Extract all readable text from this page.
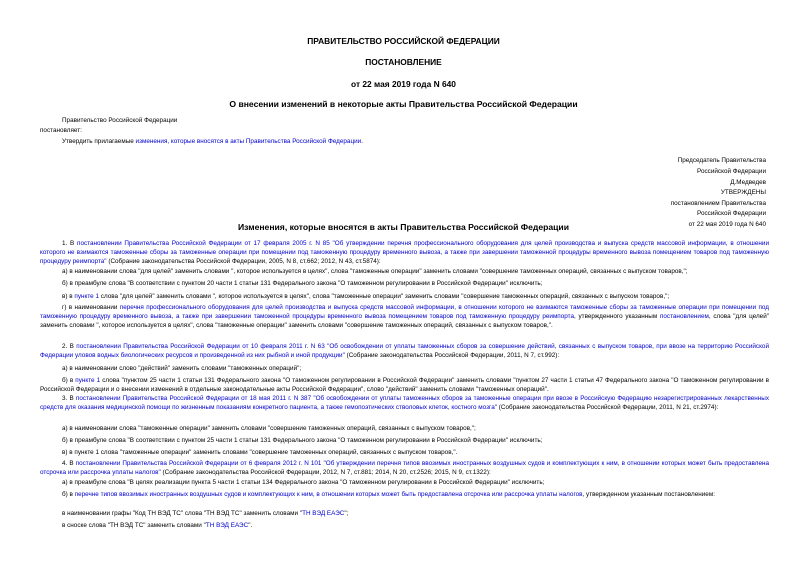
ПРАВИТЕЛЬСТВО РОССИЙСКОЙ ФЕДЕРАЦИИ
ПОСТАНОВЛЕНИЕ
от 22 мая 2019 года N 640
О внесении изменений в некоторые акты Правительства Российской Федерации
Правительство Российской Федерации
постановляет:
Утвердить прилагаемые изменения, которые вносятся в акты Правительства Российской Федерации.
Председатель Правительства
Российской Федерации
Д.Медведев
УТВЕРЖДЕНЫ
постановлением Правительства
Российской Федерации
от 22 мая 2019 года N 640
Изменения, которые вносятся в акты Правительства Российской Федерации
1. В постановлении Правительства Российской Федерации от 17 февраля 2005 г. N 85 "Об утверждении перечня профессионального оборудования для целей производства и выпуска средств массовой информации, в отношении которого не взимаются таможенные сборы за таможенные операции при помещении под таможенную процедуру временного вывоза, а также при завершении таможенной процедуры временного вывоза помещением товаров под таможенную процедуру реимпорта" (Собрание законодательства Российской Федерации, 2005, N 8, ст.662; 2012, N 43, ст.5874):
а) в наименовании слова "для целей" заменить словами ", которое используется в целях", слова "таможенные операции" заменить словами "совершение таможенных операций, связанных с выпуском товаров,";
б) в преамбуле слова "В соответствии с пунктом 20 части 1 статьи 131 Федерального закона "О таможенном регулировании в Российской Федерации" исключить;
в) в пункте 1 слова "для целей" заменить словами ", которое используется в целях", слова "таможенные операции" заменить словами "совершение таможенных операций, связанных с выпуском товаров,";
г) в наименовании перечня профессионального оборудования для целей производства и выпуска средств массовой информации, в отношении которого не взимаются таможенные сборы за таможенные операции при помещении под таможенную процедуру временного вывоза, а также при завершении таможенной процедуры временного вывоза помещением товаров под таможенную процедуру реимпорта, утвержденного указанным постановлением, слова "для целей" заменить словами ", которое используется в целях", слова "таможенные операции" заменить словами "совершение таможенных операций, связанных с выпуском товаров,".
2. В постановлении Правительства Российской Федерации от 10 февраля 2011 г. N 63 "Об освобождении от уплаты таможенных сборов за совершение действий, связанных с выпуском товаров, при ввозе на территорию Российской Федерации уловов водных биологических ресурсов и произведенной из них рыбной и иной продукции" (Собрание законодательства Российской Федерации, 2011, N 7, ст.992):
а) в наименовании слово "действий" заменить словами "таможенных операций";
б) в пункте 1 слова "пунктом 25 части 1 статьи 131 Федерального закона "О таможенном регулировании в Российской Федерации" заменить словами "пунктом 27 части 1 статьи 47 Федерального закона "О таможенном регулировании в Российской Федерации и о внесении изменений в отдельные законодательные акты Российской Федерации", слово "действий" заменить словами "таможенных операций".
3. В постановлении Правительства Российской Федерации от 18 мая 2011 г. N 387 "Об освобождении от уплаты таможенных сборов за таможенные операции при ввозе в Российскую Федерацию незарегистрированных лекарственных средств для оказания медицинской помощи по жизненным показаниям конкретного пациента, а также гемопоэтических стволовых клеток, костного мозга" (Собрание законодательства Российской Федерации, 2011, N 21, ст.2974):
а) в наименовании слова "таможенные операции" заменить словами "совершение таможенных операций, связанных с выпуском товаров,";
б) в преамбуле слова "В соответствии с пунктом 25 части 1 статьи 131 Федерального закона "О таможенном регулировании в Российской Федерации" исключить;
в) в пункте 1 слова "таможенные операции" заменить словами "совершение таможенных операций, связанных с выпуском товаров,".
4. В постановлении Правительства Российской Федерации от 6 февраля 2012 г. N 101 "Об утверждении перечня типов ввозимых иностранных воздушных судов и комплектующих к ним, в отношении которых может быть предоставлена отсрочка или рассрочка уплаты налогов" (Собрание законодательства Российской Федерации, 2012, N 7, ст.881; 2014, N 20, ст.2526; 2015, N 9, ст.1322):
а) в преамбуле слова "В целях реализации пункта 5 части 1 статьи 134 Федерального закона "О таможенном регулировании в Российской Федерации" исключить;
б) в перечне типов ввозимых иностранных воздушных судов и комплектующих к ним, в отношении которых может быть предоставлена отсрочка или рассрочка уплаты налогов, утвержденном указанным постановлением:
в наименовании графы "Код ТН ВЭД ТС" слова "ТН ВЭД ТС" заменить словами "ТН ВЭД ЕАЭС";
в сноске слова "ТН ВЭД ТС" заменить словами "ТН ВЭД ЕАЭС".
